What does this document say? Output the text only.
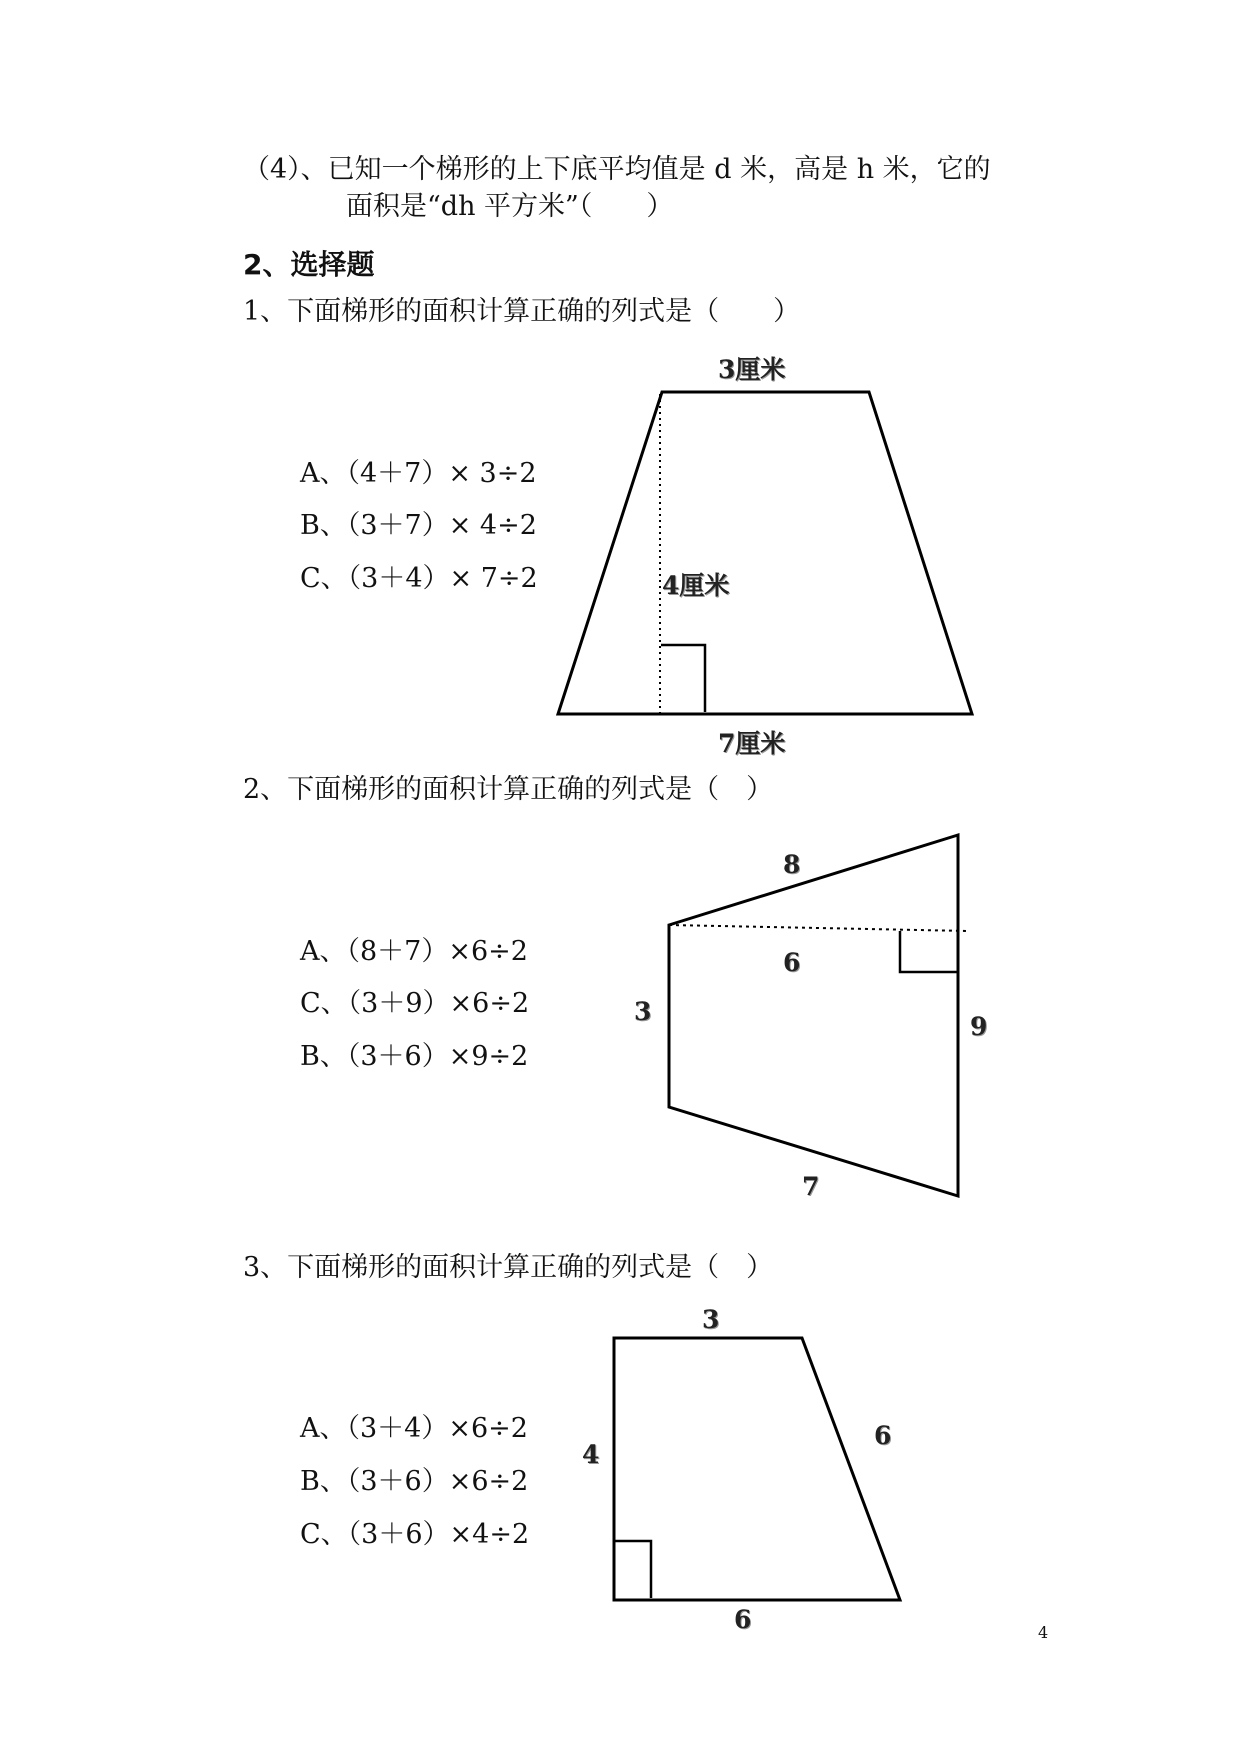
（4）、已知一个梯形的上下底平均值是 d 米，高是 h 米，它的
面积是“dh 平方米”（　　）
2、选择题
1、下面梯形的面积计算正确的列式是（　　）
A、（4＋7）× 3÷2
B、（3＋7）× 4÷2
C、（3＋4）× 7÷2
3厘米
4厘米
7厘米
2、下面梯形的面积计算正确的列式是（　）
A、（8＋7）×6÷2
C、（3＋9）×6÷2
B、（3＋6）×9÷2
8
6
3
9
7
3、下面梯形的面积计算正确的列式是（　）
A、（3＋4）×6÷2
B、（3＋6）×6÷2
C、（3＋6）×4÷2
3
4
6
6	4
